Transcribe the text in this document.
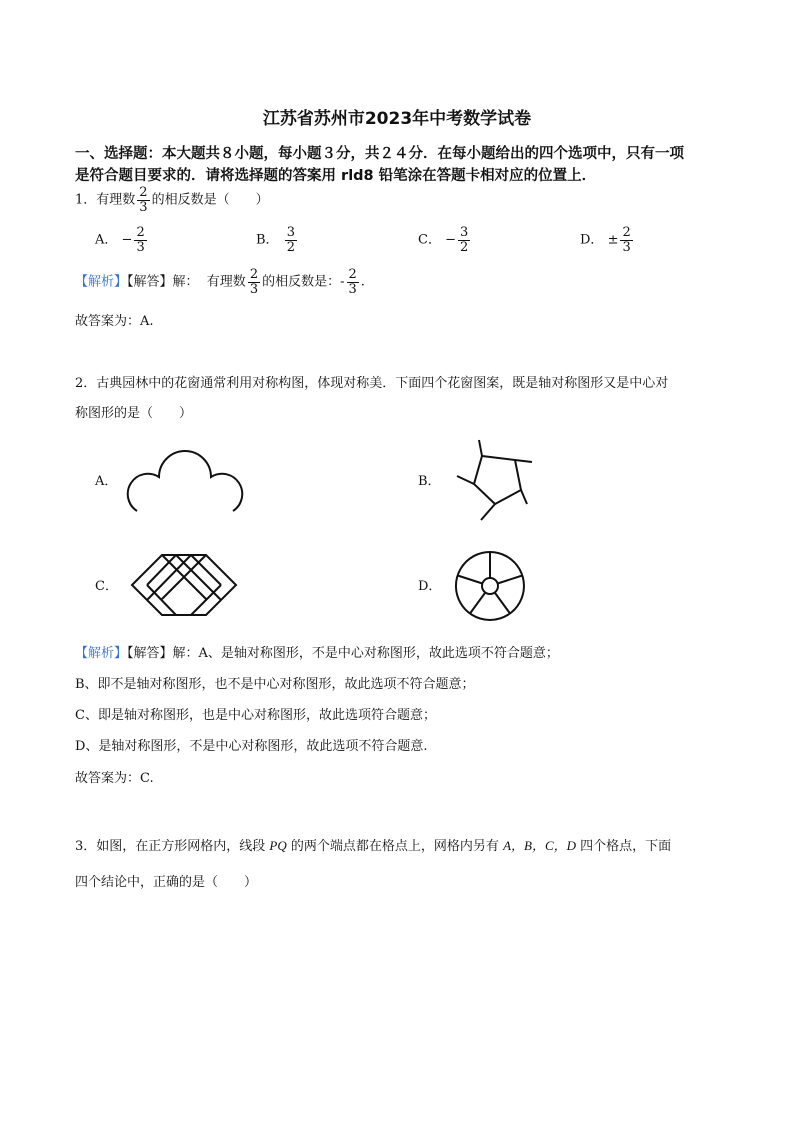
江苏省苏州市2023年中考数学试卷
一、选择题：本大题共８小题，每小题３分，共２４分．在每小题给出的四个选项中，只有一项
是符合题目要求的．请将选择题的答案用 rld8 铅笔涂在答题卡相对应的位置上．
1．有理数 $\frac{2}{3}$ 的相反数是（　　）
A． − $\frac{2}{3}$	B． $\frac{3}{2}$	C． − $\frac{3}{2}$	D． ± $\frac{2}{3}$
【解析】【解答】解： 有理数 $\frac{2}{3}$ 的相反数是：- $\frac{2}{3}$ .
故答案为：A.
2．古典园林中的花窗通常利用对称构图，体现对称美．下面四个花窗图案，既是轴对称图形又是中心对
称图形的是（　　）
A．	B．
C．	D．
【解析】【解答】解：A、是轴对称图形，不是中心对称图形，故此选项不符合题意；
B、即不是轴对称图形，也不是中心对称图形，故此选项不符合题意；
C、即是轴对称图形，也是中心对称图形，故此选项符合题意；
D、是轴对称图形，不是中心对称图形，故此选项不符合题意.
故答案为：C.
3．如图，在正方形网格内，线段 PQ 的两个端点都在格点上，网格内另有 A，B，C，D 四个格点，下面
四个结论中，正确的是（　　）
